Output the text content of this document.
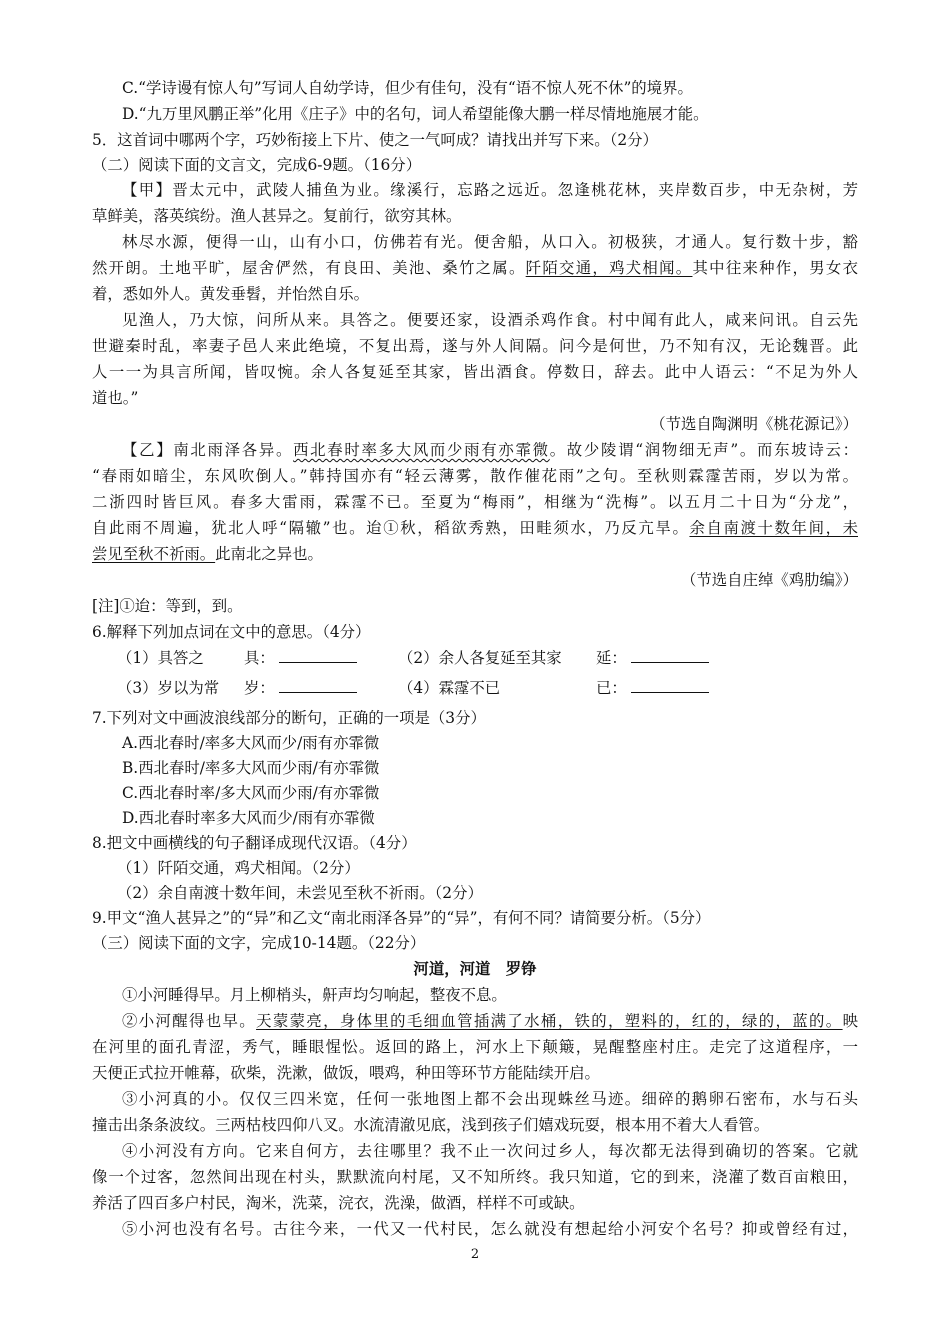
C.“学诗谩有惊人句”写词人自幼学诗，但少有佳句，没有“语不惊人死不休”的境界。
D.“九万里风鹏正举”化用《庄子》中的名句，词人希望能像大鹏一样尽情地施展才能。
5．这首词中哪两个字，巧妙衔接上下片、使之一气呵成？请找出并写下来。（2分）
（二）阅读下面的文言文，完成6-9题。（16分）
【甲】晋太元中，武陵人捕鱼为业。缘溪行，忘路之远近。忽逢桃花林，夹岸数百步，中无杂树，芳
草鲜美，落英缤纷。渔人甚异之。复前行，欲穷其林。
林尽水源，便得一山，山有小口，仿佛若有光。便舍船，从口入。初极狭，才通人。复行数十步，豁
然开朗。土地平旷，屋舍俨然，有良田、美池、桑竹之属。阡陌交通，鸡犬相闻。其中往来种作，男女衣
着，悉如外人。黄发垂髫，并怡然自乐。
见渔人，乃大惊，问所从来。具答之。便要还家，设酒杀鸡作食。村中闻有此人，咸来问讯。自云先
世避秦时乱，率妻子邑人来此绝境，不复出焉，遂与外人间隔。问今是何世，乃不知有汉，无论魏晋。此
人一一为具言所闻，皆叹惋。余人各复延至其家，皆出酒食。停数日，辞去。此中人语云：“不足为外人
道也。”
（节选自陶渊明《桃花源记》）
【乙】南北雨泽各异。西北春时率多大风而少雨有亦霏微。故少陵谓“润物细无声”。而东坡诗云：
“春雨如暗尘，东风吹倒人。”韩持国亦有“轻云薄雾，散作催花雨”之句。至秋则霖霪苦雨，岁以为常。
二浙四时皆巨风。春多大雷雨，霖霪不已。至夏为“梅雨”，相继为“洗梅”。以五月二十日为“分龙”，
自此雨不周遍，犹北人呼“隔辙”也。迨①秋，稻欲秀熟，田畦须水，乃反亢旱。余自南渡十数年间，未
尝见至秋不祈雨。此南北之异也。
（节选自庄绰《鸡肋编》）
[注]①迨：等到，到。
6.解释下列加点词在文中的意思。（4分）
（1）具答之	具：	（2）余人各复延至其家 延：
（3）岁以为常 岁：	（4）霖霪不已	已：
7.下列对文中画波浪线部分的断句，正确的一项是（3分）
A.西北春时/率多大风而少/雨有亦霏微
B.西北春时/率多大风而少雨/有亦霏微
C.西北春时率/多大风而少雨/有亦霏微
D.西北春时率多大风而少/雨有亦霏微
8.把文中画横线的句子翻译成现代汉语。（4分）
（1）阡陌交通，鸡犬相闻。（2分）
（2）余自南渡十数年间，未尝见至秋不祈雨。（2分）
9.甲文“渔人甚异之”的“异”和乙文“南北雨泽各异”的“异”，有何不同？请简要分析。（5分）
（三）阅读下面的文字，完成10-14题。（22分）
河道，河道　罗铮
①小河睡得早。月上柳梢头，鼾声均匀响起，整夜不息。
②小河醒得也早。天蒙蒙亮，身体里的毛细血管插满了水桶，铁的，塑料的，红的，绿的，蓝的。映
在河里的面孔青涩，秀气，睡眼惺忪。返回的路上，河水上下颠簸，晃醒整座村庄。走完了这道程序，一
天便正式拉开帷幕，砍柴，洗漱，做饭，喂鸡，种田等环节方能陆续开启。
③小河真的小。仅仅三四米宽，任何一张地图上都不会出现蛛丝马迹。细碎的鹅卵石密布，水与石头
撞击出条条波纹。三两枯枝四仰八叉。水流清澈见底，浅到孩子们嬉戏玩耍，根本用不着大人看管。
④小河没有方向。它来自何方，去往哪里？我不止一次问过乡人，每次都无法得到确切的答案。它就
像一个过客，忽然间出现在村头，默默流向村尾，又不知所终。我只知道，它的到来，浇灌了数百亩粮田，
养活了四百多户村民，淘米，洗菜，浣衣，洗澡，做酒，样样不可或缺。
⑤小河也没有名号。古往今来，一代又一代村民，怎么就没有想起给小河安个名号？抑或曾经有过，
2
